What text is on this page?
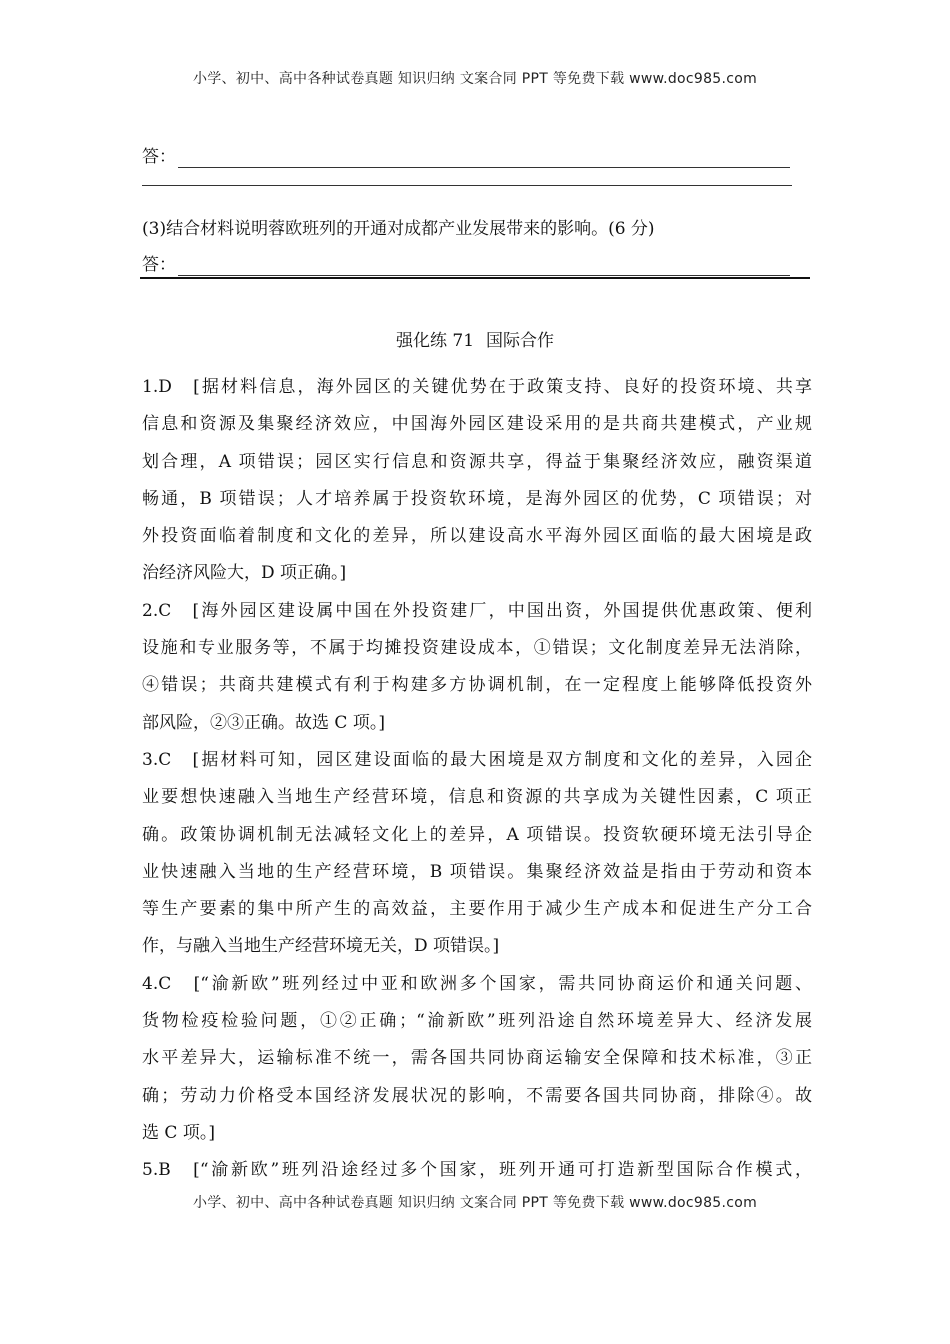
小学、初中、高中各种试卷真题 知识归纳 文案合同 PPT 等免费下载 www.doc985.com
答：
(3)结合材料说明蓉欧班列的开通对成都产业发展带来的影响。(6 分)
答：
强化练 71 国际合作
1.D　[据材料信息，海外园区的关键优势在于政策支持、良好的投资环境、共享
信息和资源及集聚经济效应，中国海外园区建设采用的是共商共建模式，产业规
划合理，A 项错误；园区实行信息和资源共享，得益于集聚经济效应，融资渠道
畅通，B 项错误；人才培养属于投资软环境，是海外园区的优势，C 项错误；对
外投资面临着制度和文化的差异，所以建设高水平海外园区面临的最大困境是政
治经济风险大，D 项正确。]
2.C　[海外园区建设属中国在外投资建厂，中国出资，外国提供优惠政策、便利
设施和专业服务等，不属于均摊投资建设成本，①错误；文化制度差异无法消除，
④错误；共商共建模式有利于构建多方协调机制，在一定程度上能够降低投资外
部风险，②③正确。故选 C 项。]
3.C　[据材料可知，园区建设面临的最大困境是双方制度和文化的差异，入园企
业要想快速融入当地生产经营环境，信息和资源的共享成为关键性因素，C 项正
确。政策协调机制无法减轻文化上的差异，A 项错误。投资软硬环境无法引导企
业快速融入当地的生产经营环境，B 项错误。集聚经济效益是指由于劳动和资本
等生产要素的集中所产生的高效益，主要作用于减少生产成本和促进生产分工合
作，与融入当地生产经营环境无关，D 项错误。]
4.C　[“渝新欧”班列经过中亚和欧洲多个国家，需共同协商运价和通关问题、
货物检疫检验问题，①②正确；“渝新欧”班列沿途自然环境差异大、经济发展
水平差异大，运输标准不统一，需各国共同协商运输安全保障和技术标准，③正
确；劳动力价格受本国经济发展状况的影响，不需要各国共同协商，排除④。故
选 C 项。]
5.B　[“渝新欧”班列沿途经过多个国家，班列开通可打造新型国际合作模式，
小学、初中、高中各种试卷真题 知识归纳 文案合同 PPT 等免费下载 www.doc985.com
